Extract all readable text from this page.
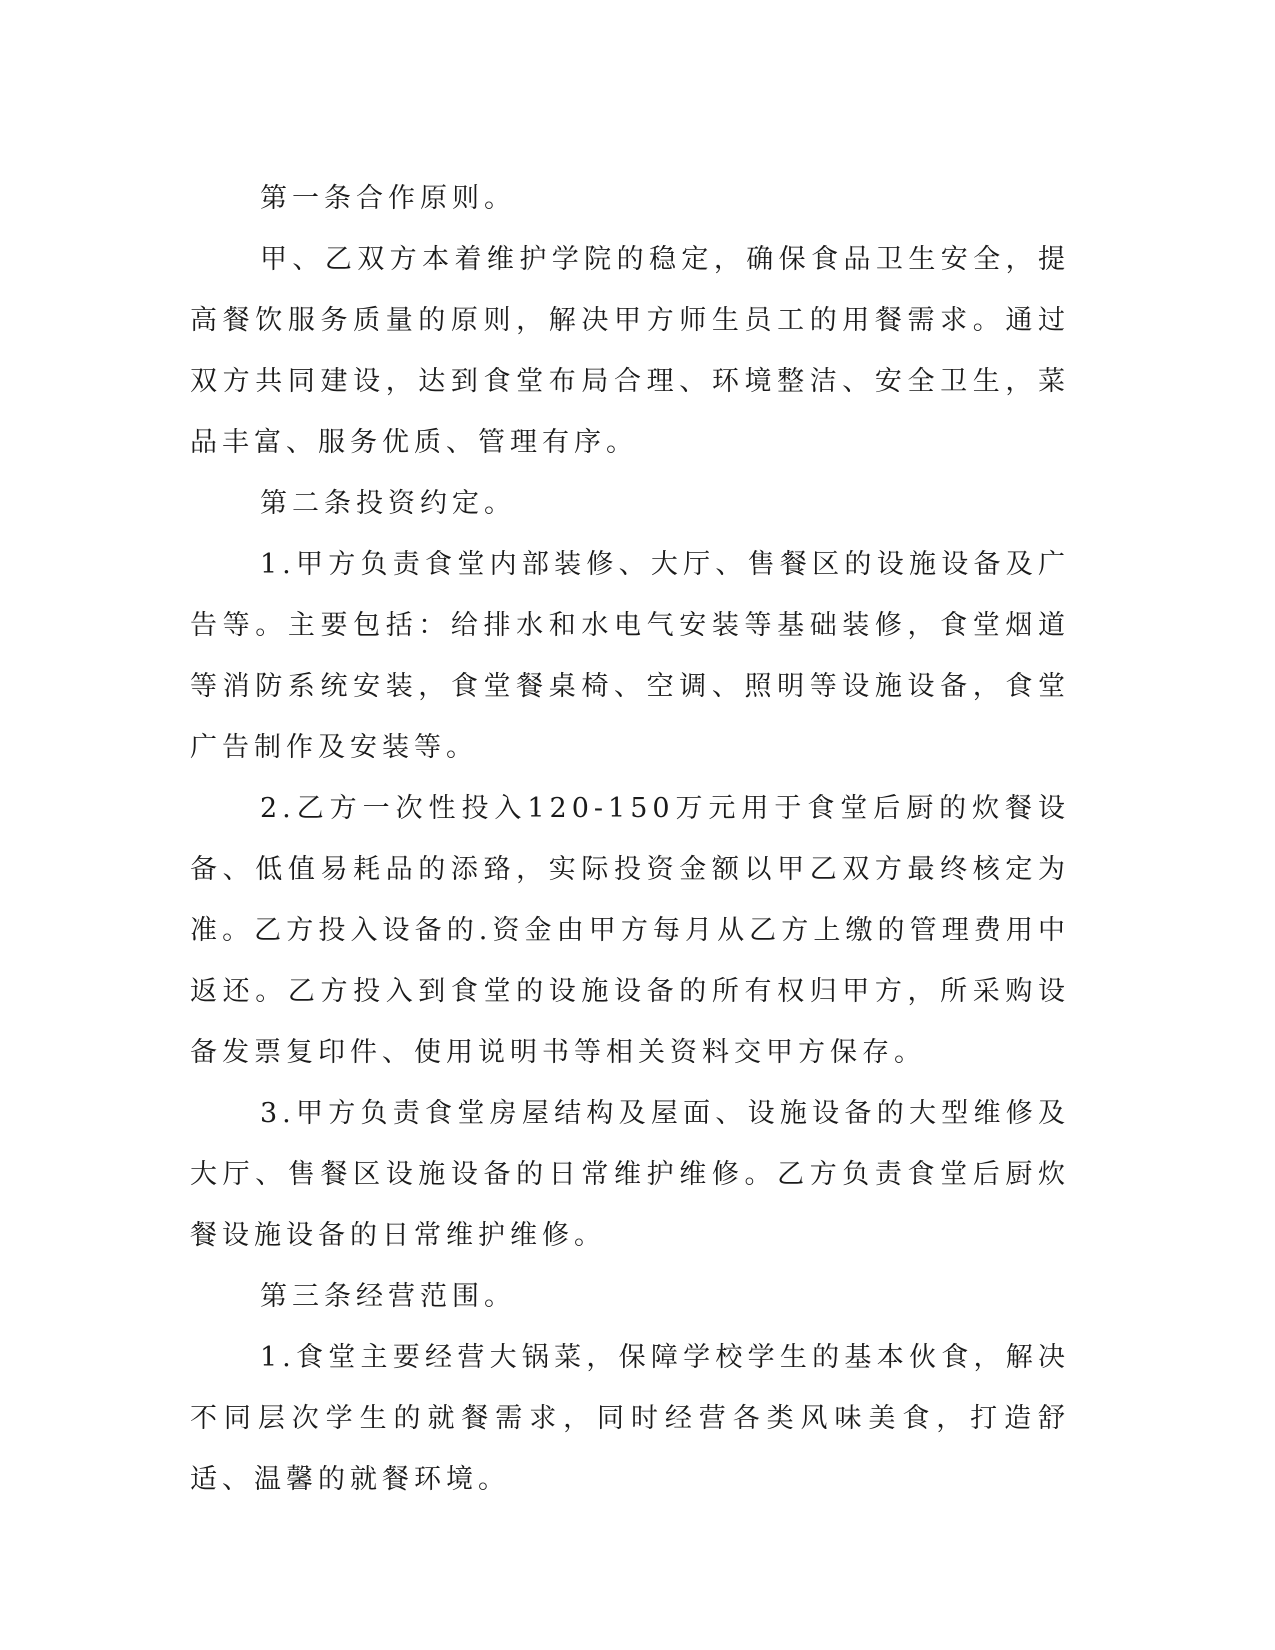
第一条合作原则。

甲、乙双方本着维护学院的稳定，确保食品卫生安全，提高餐饮服务质量的原则，解决甲方师生员工的用餐需求。通过双方共同建设，达到食堂布局合理、环境整洁、安全卫生，菜品丰富、服务优质、管理有序。

第二条投资约定。

1.甲方负责食堂内部装修、大厅、售餐区的设施设备及广告等。主要包括：给排水和水电气安装等基础装修，食堂烟道等消防系统安装，食堂餐桌椅、空调、照明等设施设备，食堂广告制作及安装等。

2.乙方一次性投入120-150万元用于食堂后厨的炊餐设备、低值易耗品的添臵，实际投资金额以甲乙双方最终核定为准。乙方投入设备的.资金由甲方每月从乙方上缴的管理费用中返还。乙方投入到食堂的设施设备的所有权归甲方，所采购设备发票复印件、使用说明书等相关资料交甲方保存。

3.甲方负责食堂房屋结构及屋面、设施设备的大型维修及大厅、售餐区设施设备的日常维护维修。乙方负责食堂后厨炊餐设施设备的日常维护维修。

第三条经营范围。

1.食堂主要经营大锅菜，保障学校学生的基本伙食，解决不同层次学生的就餐需求，同时经营各类风味美食，打造舒适、温馨的就餐环境。
